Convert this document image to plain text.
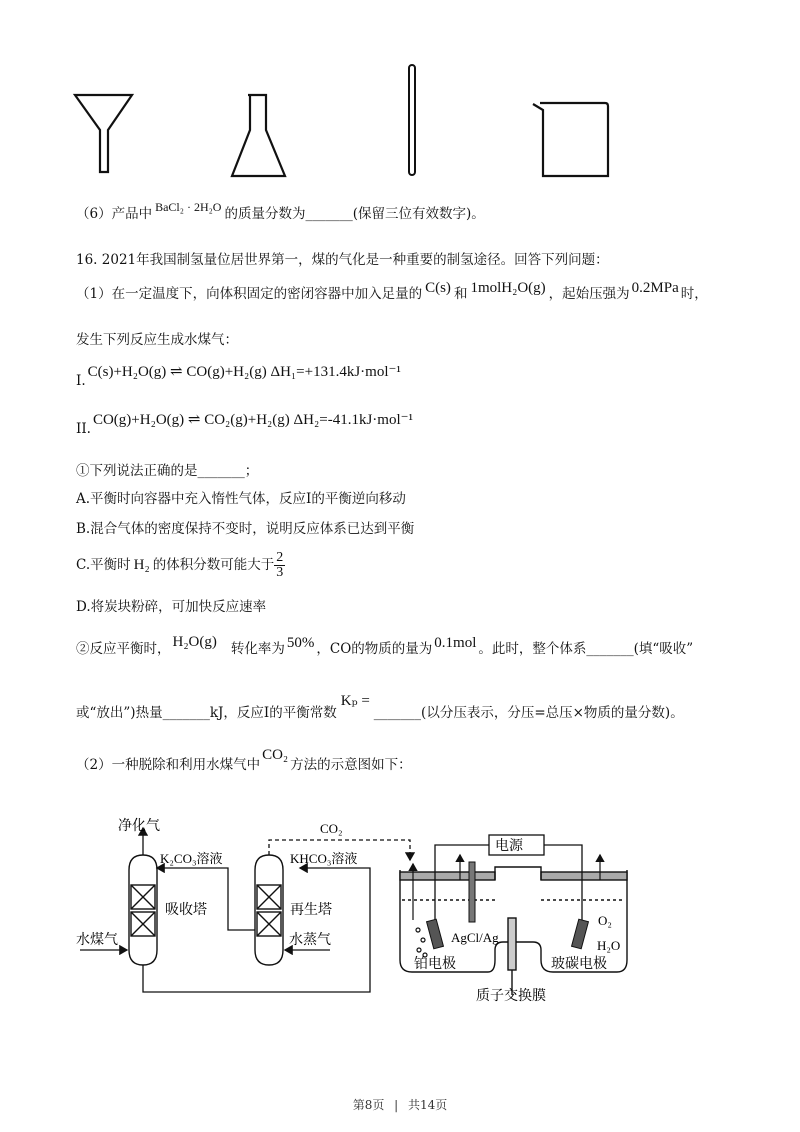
（6）产品中 BaCl₂ · 2H₂O 的质量分数为_______(保留三位有效数字)。
16. 2021年我国制氢量位居世界第一，煤的气化是一种重要的制氢途径。回答下列问题：
（1）在一定温度下，向体积固定的密闭容器中加入足量的 C(s) 和 1molH₂O(g) ，起始压强为 0.2MPa 时，
发生下列反应生成水煤气：
I.C(s)+H₂O(g) ⇌ CO(g)+H₂(g) ΔH₁=+131.4kJ·mol⁻¹
II.CO(g)+H₂O(g) ⇌ CO₂(g)+H₂(g) ΔH₂=-41.1kJ·mol⁻¹
①下列说法正确的是_______；
A.平衡时向容器中充入惰性气体，反应I的平衡逆向移动
B.混合气体的密度保持不变时，说明反应体系已达到平衡
C.平衡时 H₂ 的体积分数可能大于 $\frac{2}{3}$
D.将炭块粉碎，可加快反应速率
②反应平衡时， H₂O(g) 转化率为 50% ，CO的物质的量为 0.1mol 。此时，整个体系_______(填“吸收”
或“放出”)热量_______kJ，反应I的平衡常数Kₚ =_______(以分压表示，分压=总压×物质的量分数)。
（2）一种脱除和利用水煤气中CO₂方法的示意图如下：
净化气
K₂CO₃溶液
CO₂
KHCO₃溶液
吸收塔	再生塔
水煤气	水蒸气
电源
AgCl/Ag
O₂
H₂O
铂电极	玻碳电极
质子交换膜
第8页 | 共14页
